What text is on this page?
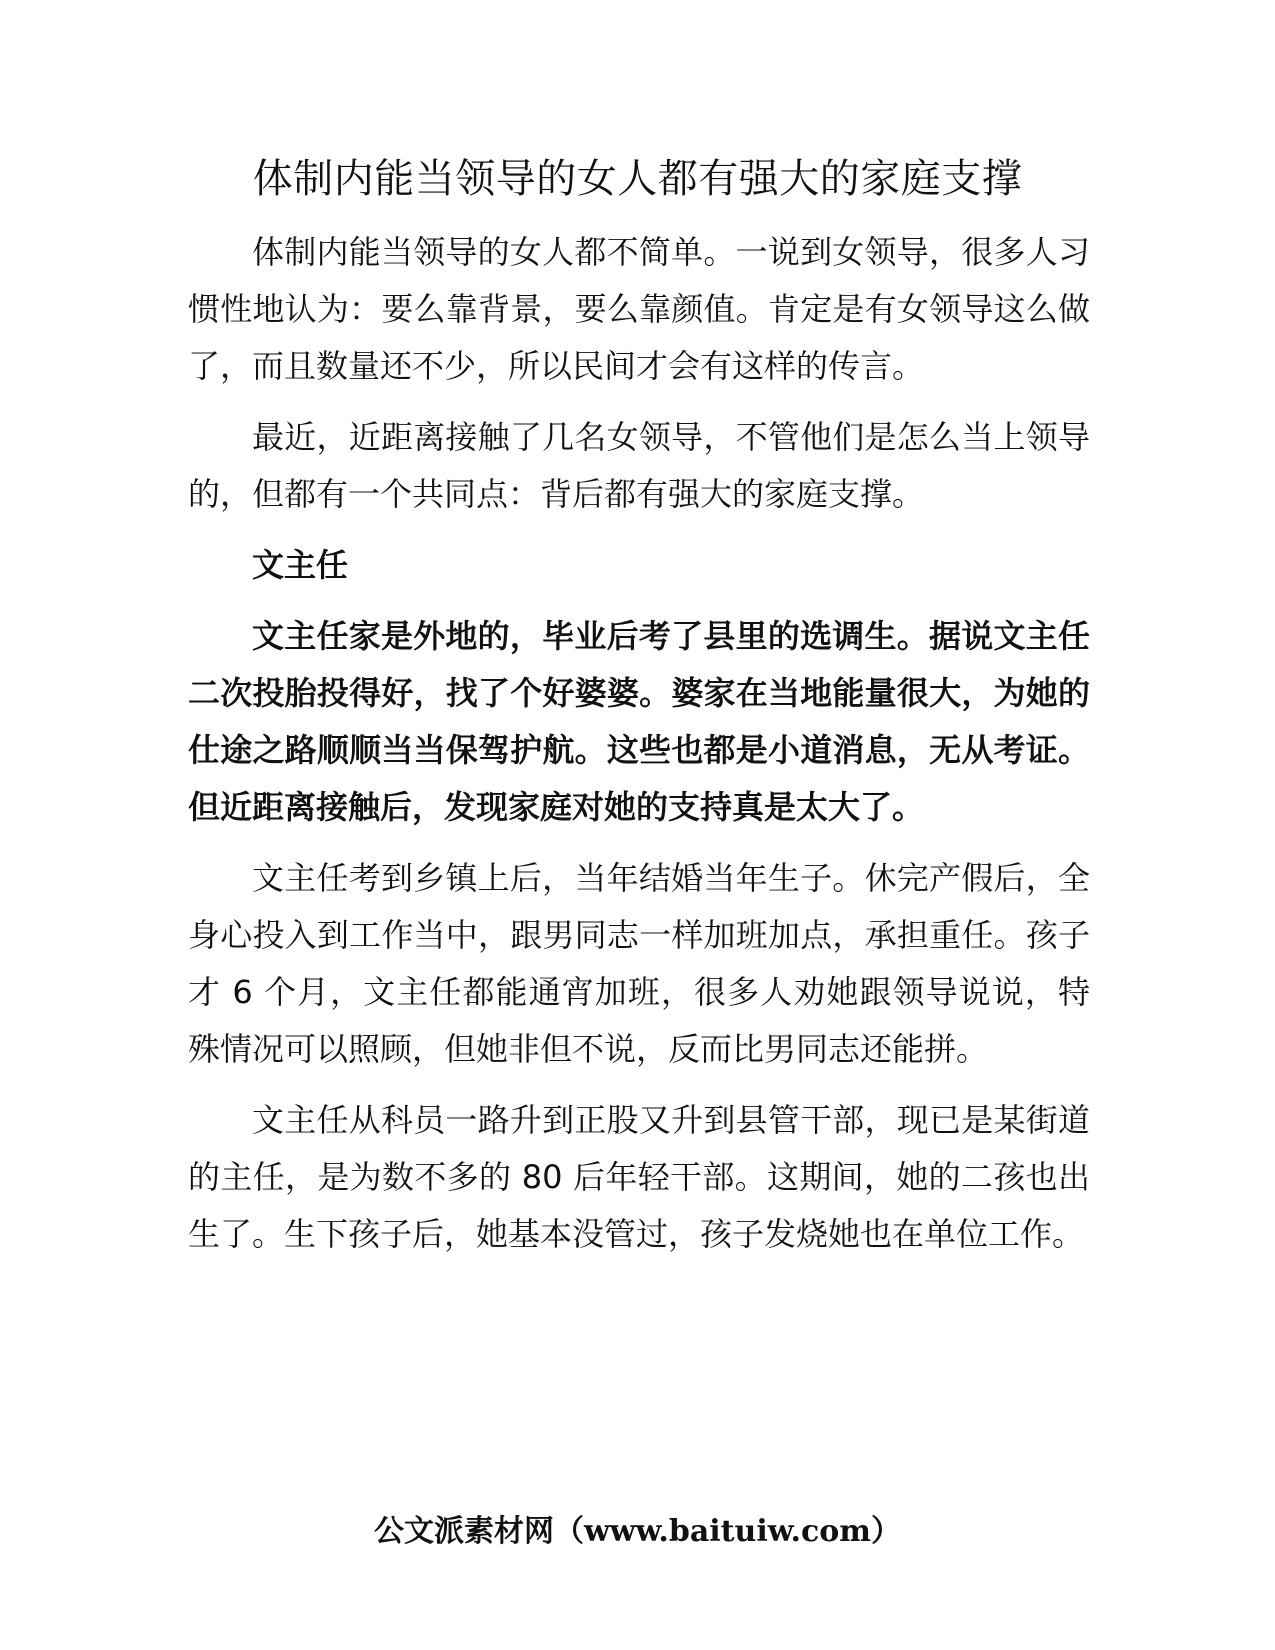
体制内能当领导的女人都有强大的家庭支撑

体制内能当领导的女人都不简单。一说到女领导，很多人习惯性地认为：要么靠背景，要么靠颜值。肯定是有女领导这么做了，而且数量还不少，所以民间才会有这样的传言。

最近，近距离接触了几名女领导，不管他们是怎么当上领导的，但都有一个共同点：背后都有强大的家庭支撑。

文主任

文主任家是外地的，毕业后考了县里的选调生。据说文主任二次投胎投得好，找了个好婆婆。婆家在当地能量很大，为她的仕途之路顺顺当当保驾护航。这些也都是小道消息，无从考证。但近距离接触后，发现家庭对她的支持真是太大了。

文主任考到乡镇上后，当年结婚当年生子。休完产假后，全身心投入到工作当中，跟男同志一样加班加点，承担重任。孩子才 6 个月，文主任都能通宵加班，很多人劝她跟领导说说，特殊情况可以照顾，但她非但不说，反而比男同志还能拼。

文主任从科员一路升到正股又升到县管干部，现已是某街道的主任，是为数不多的 80 后年轻干部。这期间，她的二孩也出生了。生下孩子后，她基本没管过，孩子发烧她也在单位工作。

公文派素材网（www.baituiw.com）
